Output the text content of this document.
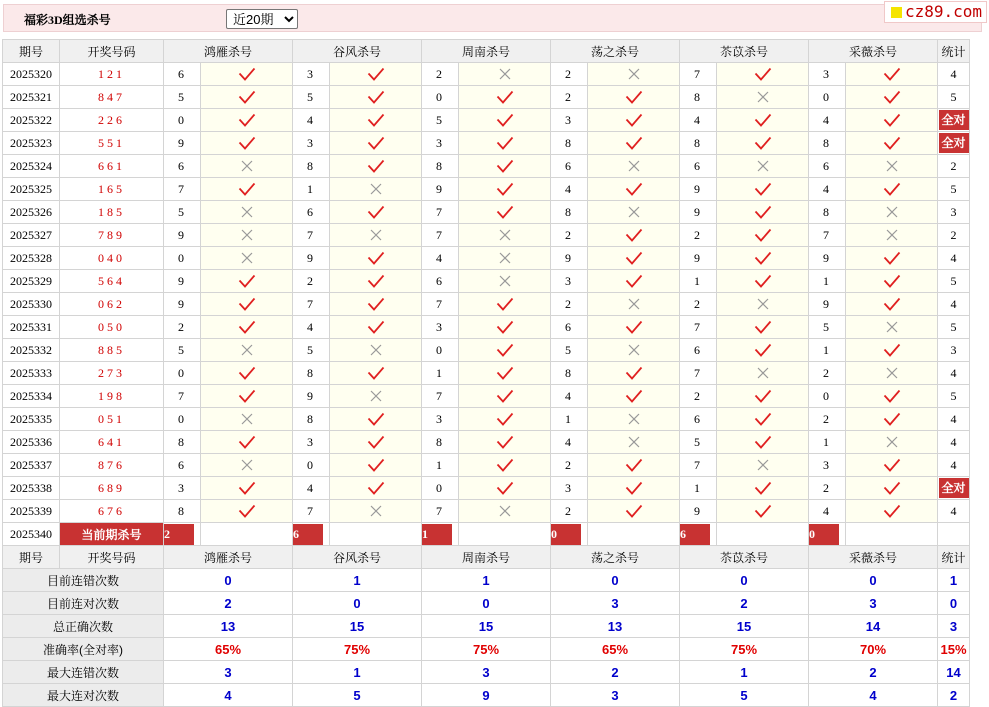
福彩3D组选杀号
近20期	cz89.com
期号	开奖号码	鸿雁杀号		谷风杀号		周南杀号		荡之杀号		苶苡杀号		采薇杀号		统计
2025320	121	6		3		2		2		7		3		4
2025321	847	5		5		0		2		8		0		5
2025322	226	0		4		5		3		4		4		全对
2025323	551	9		3		3		8		8		8		全对
2025324	661	6		8		8		6		6		6		2
2025325	165	7		1		9		4		9		4		5
2025326	185	5		6		7		8		9		8		3
2025327	789	9		7		7		2		2		7		2
2025328	040	0		9		4		9		9		9		4
2025329	564	9		2		6		3		1		1		5
2025330	062	9		7		7		2		2		9		4
2025331	050	2		4		3		6		7		5		5
2025332	885	5		5		0		5		6		1		3
2025333	273	0		8		1		8		7		2		4
2025334	198	7		9		7		4		2		0		5
2025335	051	0		8		3		1		6		2		4
2025336	641	8		3		8		4		5		1		4
2025337	876	6		0		1		2		7		3		4
2025338	689	3		4		0		3		1		2		全对
2025339	676	8		7		7		2		9		4		4
2025340	当前期杀号	2		6		1		0		6		0		
期号	开奖号码	鸿雁杀号		谷风杀号		周南杀号		荡之杀号		苶苡杀号		采薇杀号		统计
目前连错次数		0		1		1		0		0		0		1
目前连对次数		2		0		0		3		2		3		0
总正确次数		13		15		15		13		15		14		3
准确率(全对率)		65%		75%		75%		65%		75%		70%		15%
最大连错次数		3		1		3		2		1		2		14
最大连对次数		4		5		9		3		5		4		2
